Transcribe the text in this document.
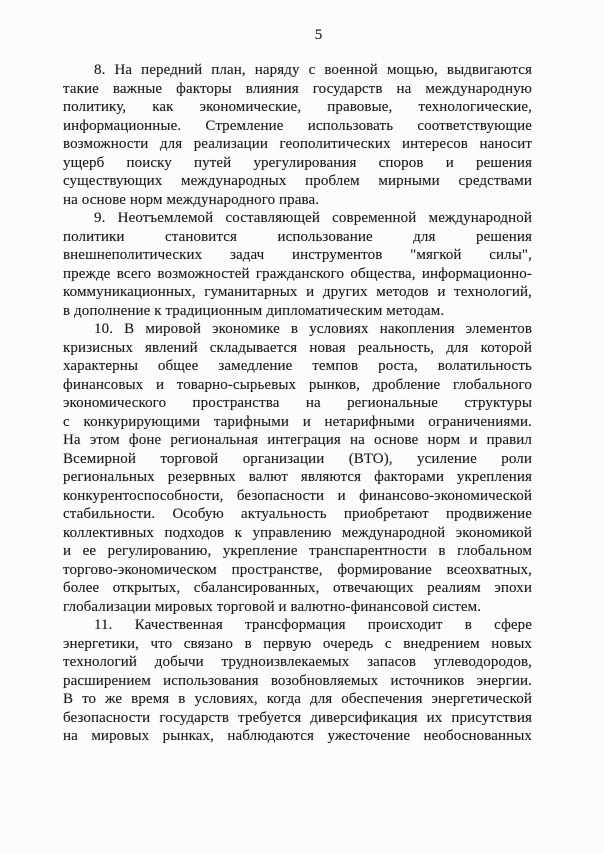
5
8. На передний план, наряду с военной мощью, выдвигаются
такие важные факторы влияния государств на международную
политику, как экономические, правовые, технологические,
информационные. Стремление использовать соответствующие
возможности для реализации геополитических интересов наносит
ущерб поиску путей урегулирования споров и решения
существующих международных проблем мирными средствами
на основе норм международного права.
9. Неотъемлемой составляющей современной международной
политики становится использование для решения
внешнеполитических задач инструментов "мягкой силы",
прежде всего возможностей гражданского общества, информационно-
коммуникационных, гуманитарных и других методов и технологий,
в дополнение к традиционным дипломатическим методам.
10. В мировой экономике в условиях накопления элементов
кризисных явлений складывается новая реальность, для которой
характерны общее замедление темпов роста, волатильность
финансовых и товарно-сырьевых рынков, дробление глобального
экономического пространства на региональные структуры
с конкурирующими тарифными и нетарифными ограничениями.
На этом фоне региональная интеграция на основе норм и правил
Всемирной торговой организации (ВТО), усиление роли
региональных резервных валют являются факторами укрепления
конкурентоспособности, безопасности и финансово-экономической
стабильности. Особую актуальность приобретают продвижение
коллективных подходов к управлению международной экономикой
и ее регулированию, укрепление транспарентности в глобальном
торгово-экономическом пространстве, формирование всеохватных,
более открытых, сбалансированных, отвечающих реалиям эпохи
глобализации мировых торговой и валютно-финансовой систем.
11. Качественная трансформация происходит в сфере
энергетики, что связано в первую очередь с внедрением новых
технологий добычи трудноизвлекаемых запасов углеводородов,
расширением использования возобновляемых источников энергии.
В то же время в условиях, когда для обеспечения энергетической
безопасности государств требуется диверсификация их присутствия
на мировых рынках, наблюдаются ужесточение необоснованных
